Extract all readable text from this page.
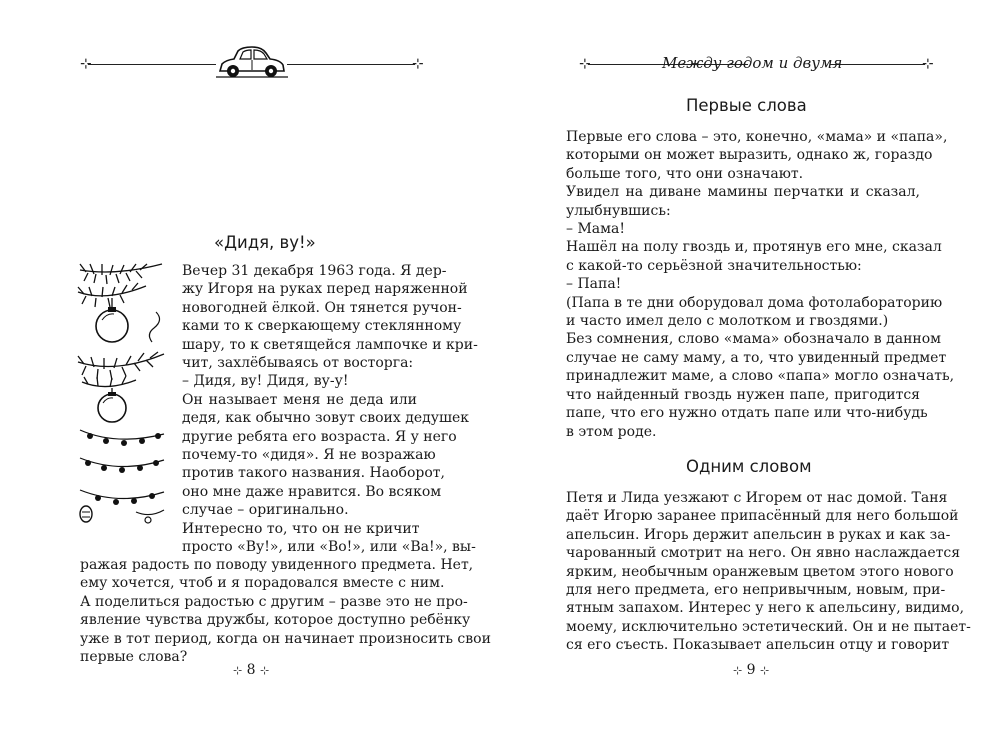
⊹	⊹
«Дидя, ву!»

Вечер 31 декабря 1963 года. Я дер-
жу Игоря на руках перед наряженной
новогодней ёлкой. Он тянется ручон-
ками то к сверкающему стеклянному
шару, то к светящейся лампочке и кри-
чит, захлёбываясь от восторга:
– Дидя, ву! Дидя, ву-у!
Он называет меня не деда или
дедя, как обычно зовут своих дедушек
другие ребята его возраста. Я у него
почему-то «дидя». Я не возражаю
против такого названия. Наоборот,
оно мне даже нравится. Во всяком
случае – оригинально.
Интересно то, что он не кричит
просто «Ву!», или «Во!», или «Ва!», вы-

ражая радость по поводу увиденного предмета. Нет,
ему хочется, чтоб и я порадовался вместе с ним.
А поделиться радостью с другим – разве это не про-
явление чувства дружбы, которое доступно ребёнку
уже в тот период, когда он начинает произносить свои
первые слова?

⊹ 8 ⊹
⊹	⊹
Между годом и двумя
Первые слова

Первые его слова – это, конечно, «мама» и «папа»,
которыми он может выразить, однако ж, гораздо
больше того, что они означают.
Увидел на диване мамины перчатки и сказал,
улыбнувшись:
– Мама!
Нашёл на полу гвоздь и, протянув его мне, сказал
с какой-то серьёзной значительностью:
– Папа!
(Папа в те дни оборудовал дома фотолабораторию
и часто имел дело с молотком и гвоздями.)
Без сомнения, слово «мама» обозначало в данном
случае не саму маму, а то, что увиденный предмет
принадлежит маме, а слово «папа» могло означать,
что найденный гвоздь нужен папе, пригодится
папе, что его нужно отдать папе или что-нибудь
в этом роде.

Одним словом

Петя и Лида уезжают с Игорем от нас домой. Таня
даёт Игорю заранее припасённый для него большой
апельсин. Игорь держит апельсин в руках и как за-
чарованный смотрит на него. Он явно наслаждается
ярким, необычным оранжевым цветом этого нового
для него предмета, его непривычным, новым, при-
ятным запахом. Интерес у него к апельсину, видимо,
моему, исключительно эстетический. Он и не пытает-
ся его съесть. Показывает апельсин отцу и говорит

⊹ 9 ⊹
